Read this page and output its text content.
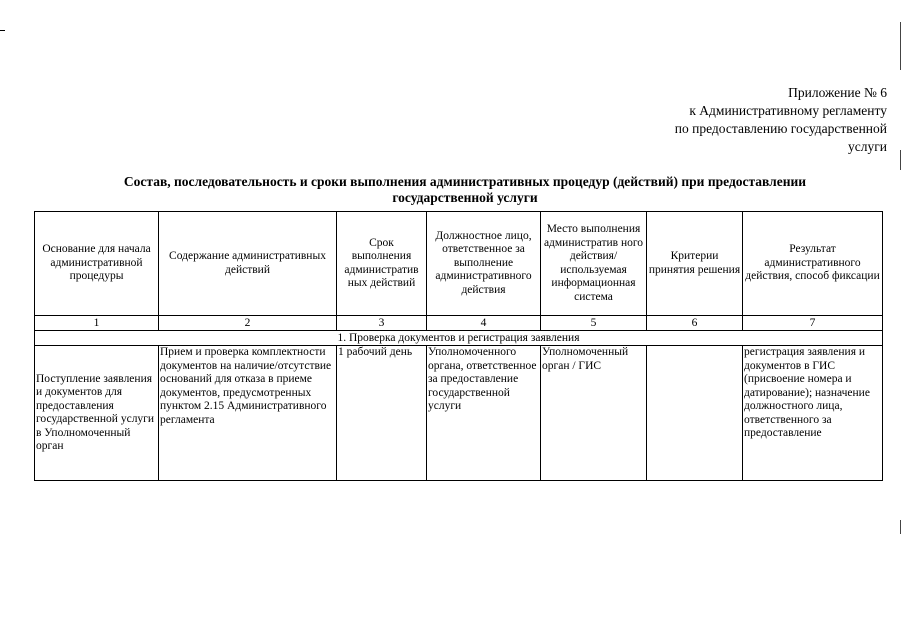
Приложение № 6
к Административному регламенту
по предоставлению государственной
услуги
Состав, последовательность и сроки выполнения административных процедур (действий) при предоставлении
государственной услуги
Основание для начала административной процедуры	Содержание административных действий	Срок выполнения административ ных действий	Должностное лицо, ответственное за выполнение административного действия	Место выполнения административ ного действия/ используемая информационная система	Критерии принятия решения	Результат административного действия, способ фиксации
1	2	3	4	5	6	7
1. Проверка документов и регистрация заявления						
Поступление заявления и документов для предоставления государственной услуги в Уполномоченный орган	Прием и проверка комплектности документов на наличие/отсутствие оснований для отказа в приеме документов, предусмотренных пунктом 2.15 Административного регламента	1 рабочий день	Уполномоченного органа, ответственное за предоставление государственной услуги	Уполномоченный орган / ГИС		регистрация заявления и документов в ГИС (присвоение номера и датирование); назначение должностного лица, ответственного за предоставление
